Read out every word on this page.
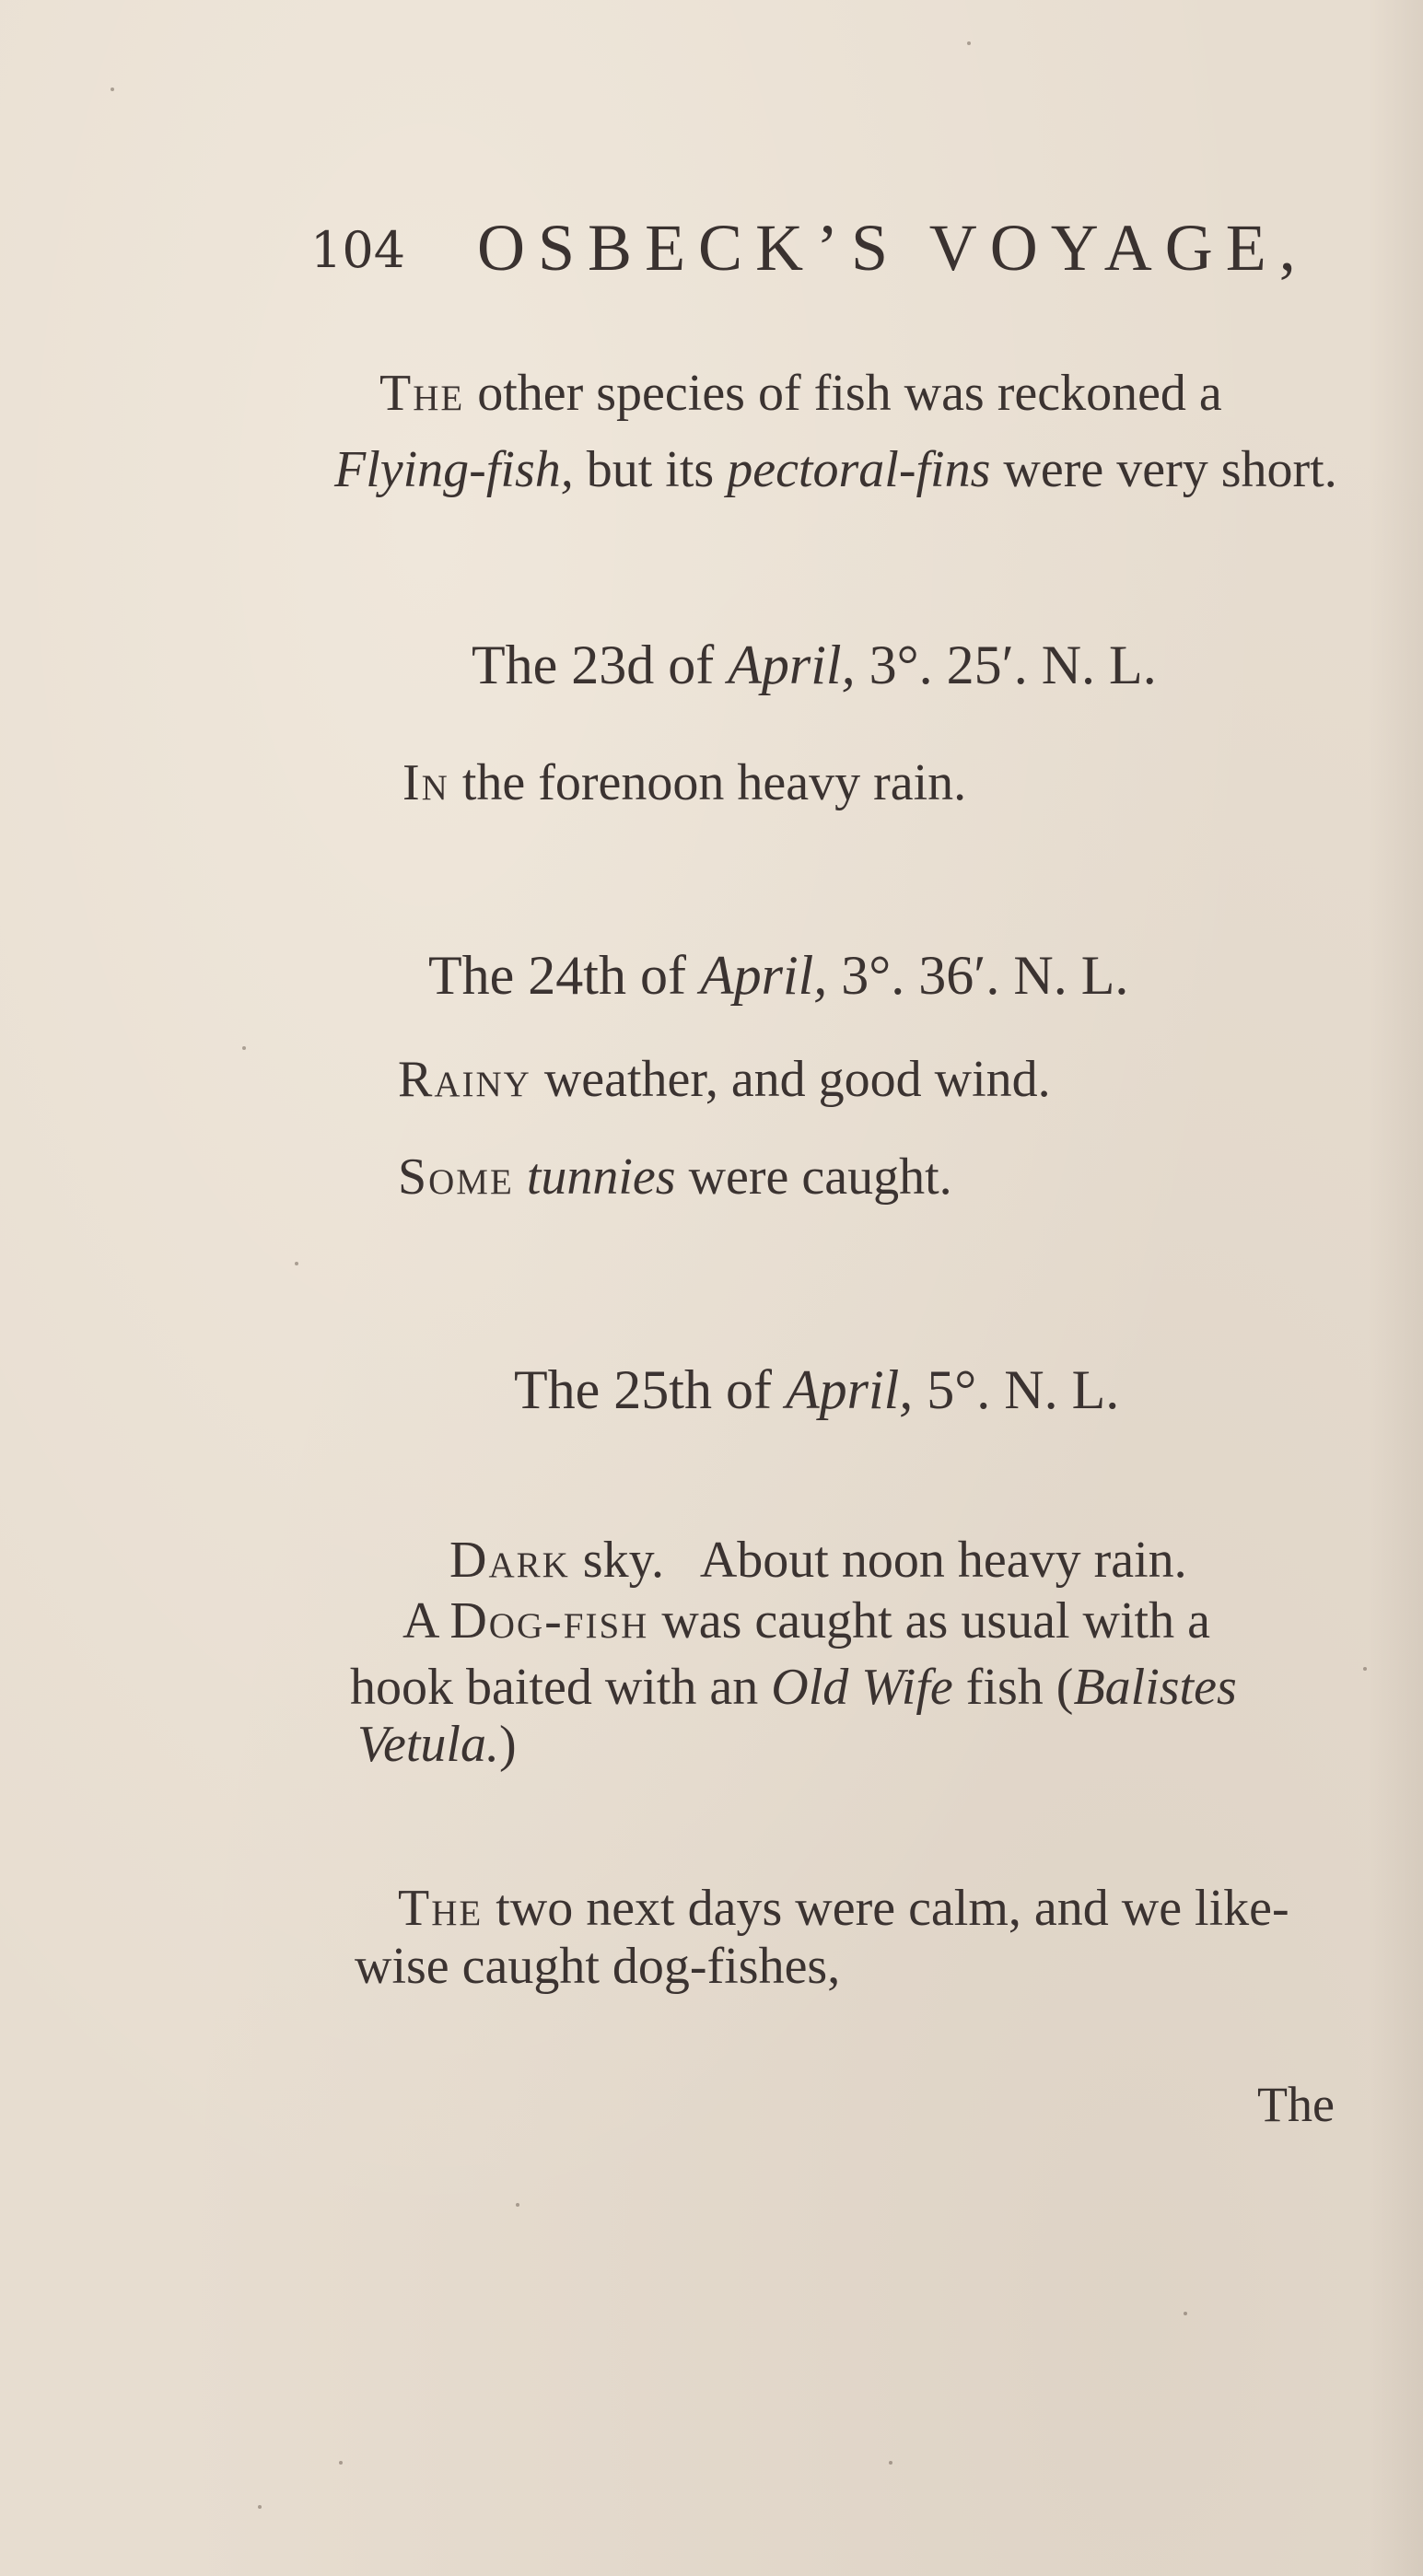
104 OSBECK’S VOYAGE,
The other species of fish was reckoned a
Flying-fish, but its pectoral-fins were very short.
The 23d of April, 3°. 25′. N. L.
In the forenoon heavy rain.
The 24th of April, 3°. 36′. N. L.
Rainy weather, and good wind.
Some tunnies were caught.
The 25th of April, 5°. N. L.

Dark sky.   About noon heavy rain.

A Dog-fish was caught as usual with a
hook baited with an Old Wife fish (Balistes
Vetula.)
The two next days were calm, and we like-
wise caught dog-fishes,
The
